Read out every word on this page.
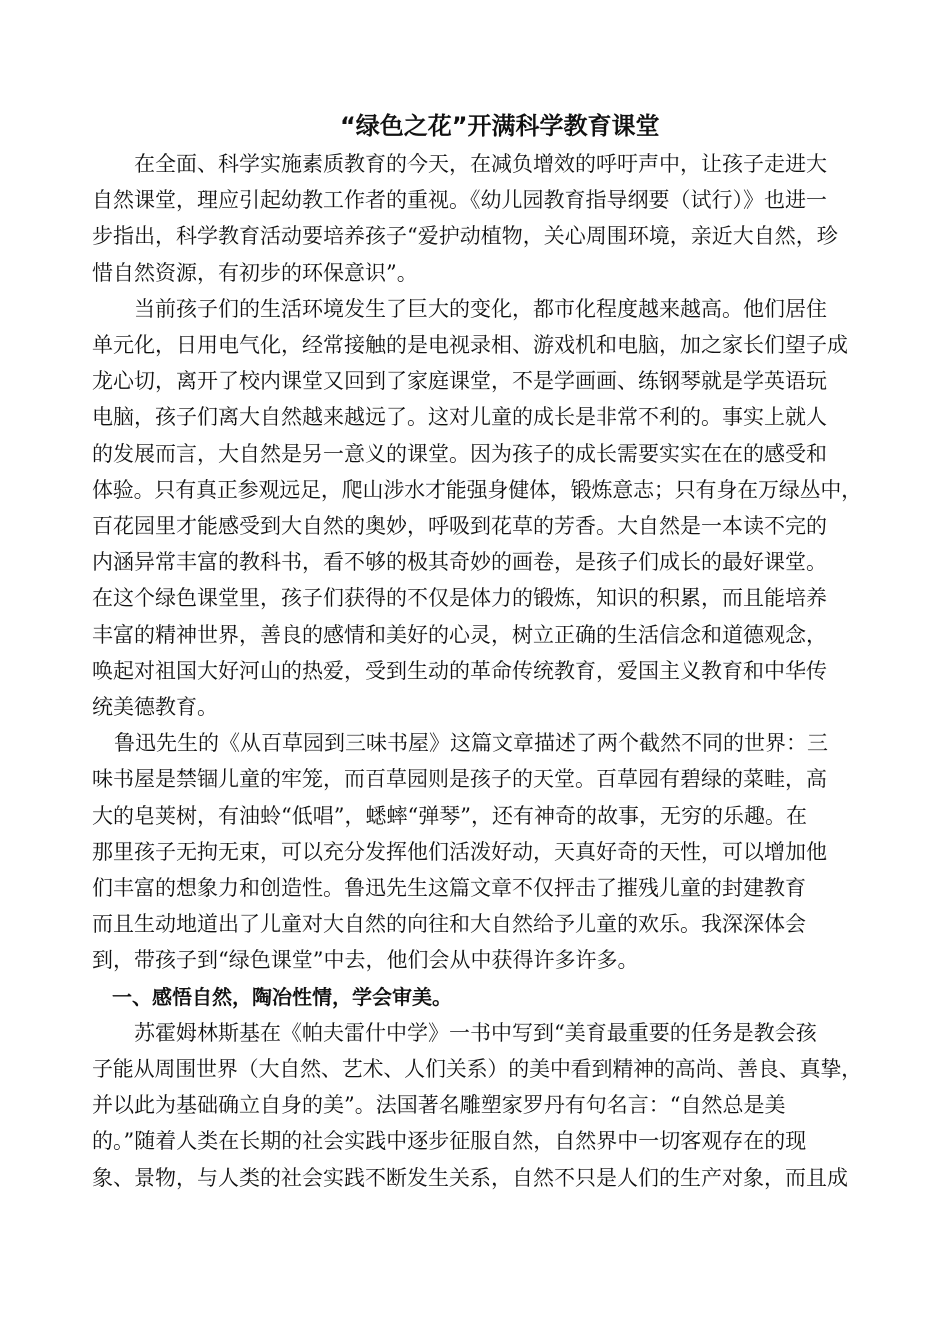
“绿色之花”开满科学教育课堂

在全面、科学实施素质教育的今天，在减负增效的呼吁声中，让孩子走进大
自然课堂，理应引起幼教工作者的重视。《幼儿园教育指导纲要（试行）》也进一
步指出，科学教育活动要培养孩子“爱护动植物，关心周围环境，亲近大自然，珍
惜自然资源，有初步的环保意识”。

当前孩子们的生活环境发生了巨大的变化，都市化程度越来越高。他们居住
单元化，日用电气化，经常接触的是电视录相、游戏机和电脑，加之家长们望子成
龙心切，离开了校内课堂又回到了家庭课堂，不是学画画、练钢琴就是学英语玩
电脑，孩子们离大自然越来越远了。这对儿童的成长是非常不利的。事实上就人
的发展而言，大自然是另一意义的课堂。因为孩子的成长需要实实在在的感受和
体验。只有真正参观远足，爬山涉水才能强身健体，锻炼意志；只有身在万绿丛中，
百花园里才能感受到大自然的奥妙，呼吸到花草的芳香。大自然是一本读不完的
内涵异常丰富的教科书，看不够的极其奇妙的画卷，是孩子们成长的最好课堂。
在这个绿色课堂里，孩子们获得的不仅是体力的锻炼，知识的积累，而且能培养
丰富的精神世界，善良的感情和美好的心灵，树立正确的生活信念和道德观念，
唤起对祖国大好河山的热爱，受到生动的革命传统教育，爱国主义教育和中华传
统美德教育。

鲁迅先生的《从百草园到三味书屋》这篇文章描述了两个截然不同的世界：三
味书屋是禁锢儿童的牢笼，而百草园则是孩子的天堂。百草园有碧绿的菜畦，高
大的皂荚树，有油蛉“低唱”，蟋蟀“弹琴”，还有神奇的故事，无穷的乐趣。在
那里孩子无拘无束，可以充分发挥他们活泼好动，天真好奇的天性，可以增加他
们丰富的想象力和创造性。鲁迅先生这篇文章不仅抨击了摧残儿童的封建教育
而且生动地道出了儿童对大自然的向往和大自然给予儿童的欢乐。我深深体会
到，带孩子到“绿色课堂”中去，他们会从中获得许多许多。

一、感悟自然，陶冶性情，学会审美。

苏霍姆林斯基在《帕夫雷什中学》一书中写到“美育最重要的任务是教会孩
子能从周围世界（大自然、艺术、人们关系）的美中看到精神的高尚、善良、真挚，
并以此为基础确立自身的美”。法国著名雕塑家罗丹有句名言：“自然总是美
的。”随着人类在长期的社会实践中逐步征服自然，自然界中一切客观存在的现
象、景物，与人类的社会实践不断发生关系，自然不只是人们的生产对象，而且成
